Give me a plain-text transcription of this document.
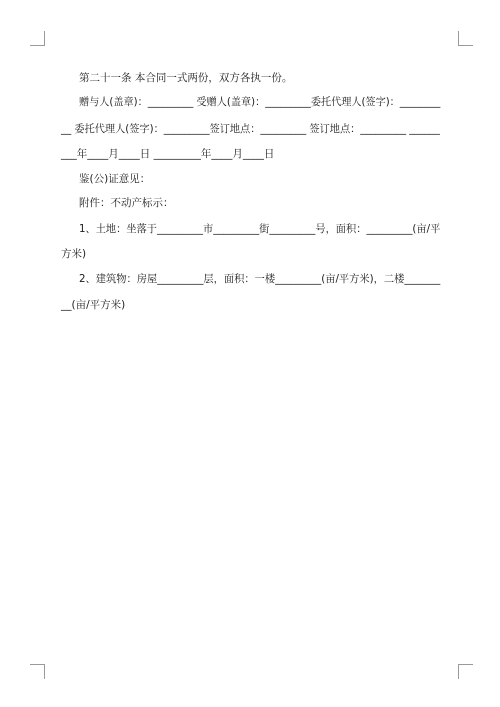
第二十一条 本合同一式两份，双方各执一份。
赠与人(盖章)：_________ 受赠人(盖章)：_________委托代理人(签字)：________
__ 委托代理人(签字)：_________签订地点：_________ 签订地点：_________ ______
___年____月____日 _________年____月____日
鉴(公)证意见：
附件：不动产标示：
1、土地：坐落于_________市_________街_________号，面积：_________(亩/平
方米)
2、建筑物：房屋_________层，面积：一楼_________(亩/平方米)，二楼_______
__(亩/平方米)
